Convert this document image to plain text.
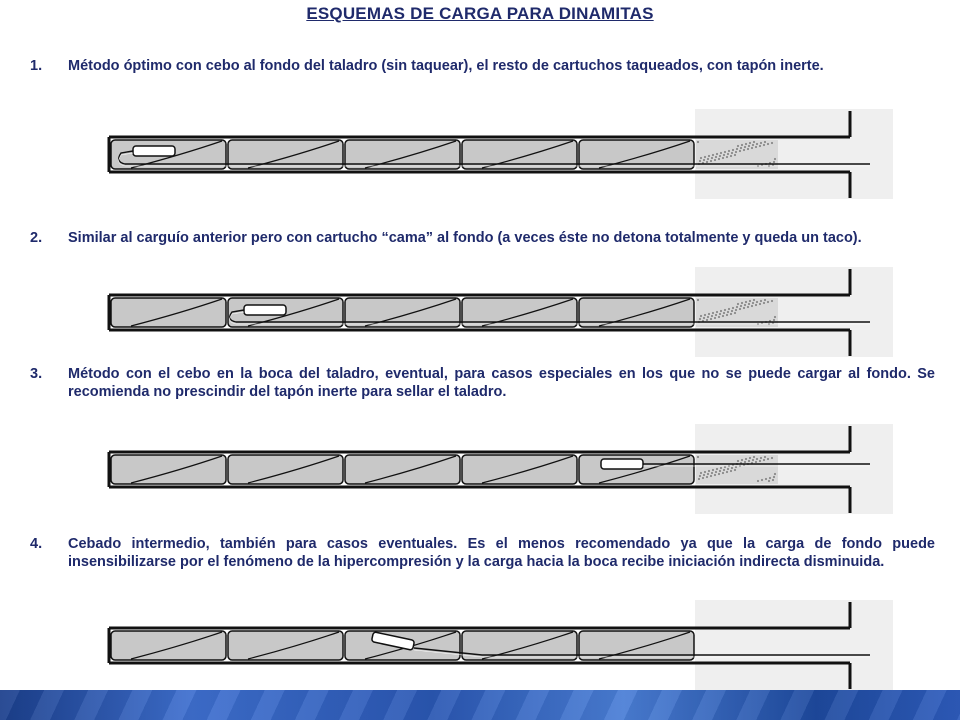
ESQUEMAS DE CARGA PARA DINAMITAS
1.	Método óptimo con cebo al fondo del taladro (sin taquear), el resto de cartuchos taqueados, con tapón inerte.
2.	Similar al carguío anterior pero con cartucho “cama” al fondo (a veces éste no detona totalmente y queda un taco).
3.	Método con el cebo en la boca del taladro, eventual, para casos especiales en los que no se puede cargar al fondo. Se recomienda no prescindir del tapón inerte para sellar el taladro.
4.	Cebado intermedio, también para casos eventuales. Es el menos recomendado ya que la carga de fondo puede insensibilizarse por el fenómeno de la hipercompresión y la carga hacia la boca recibe iniciación indirecta disminuida.
